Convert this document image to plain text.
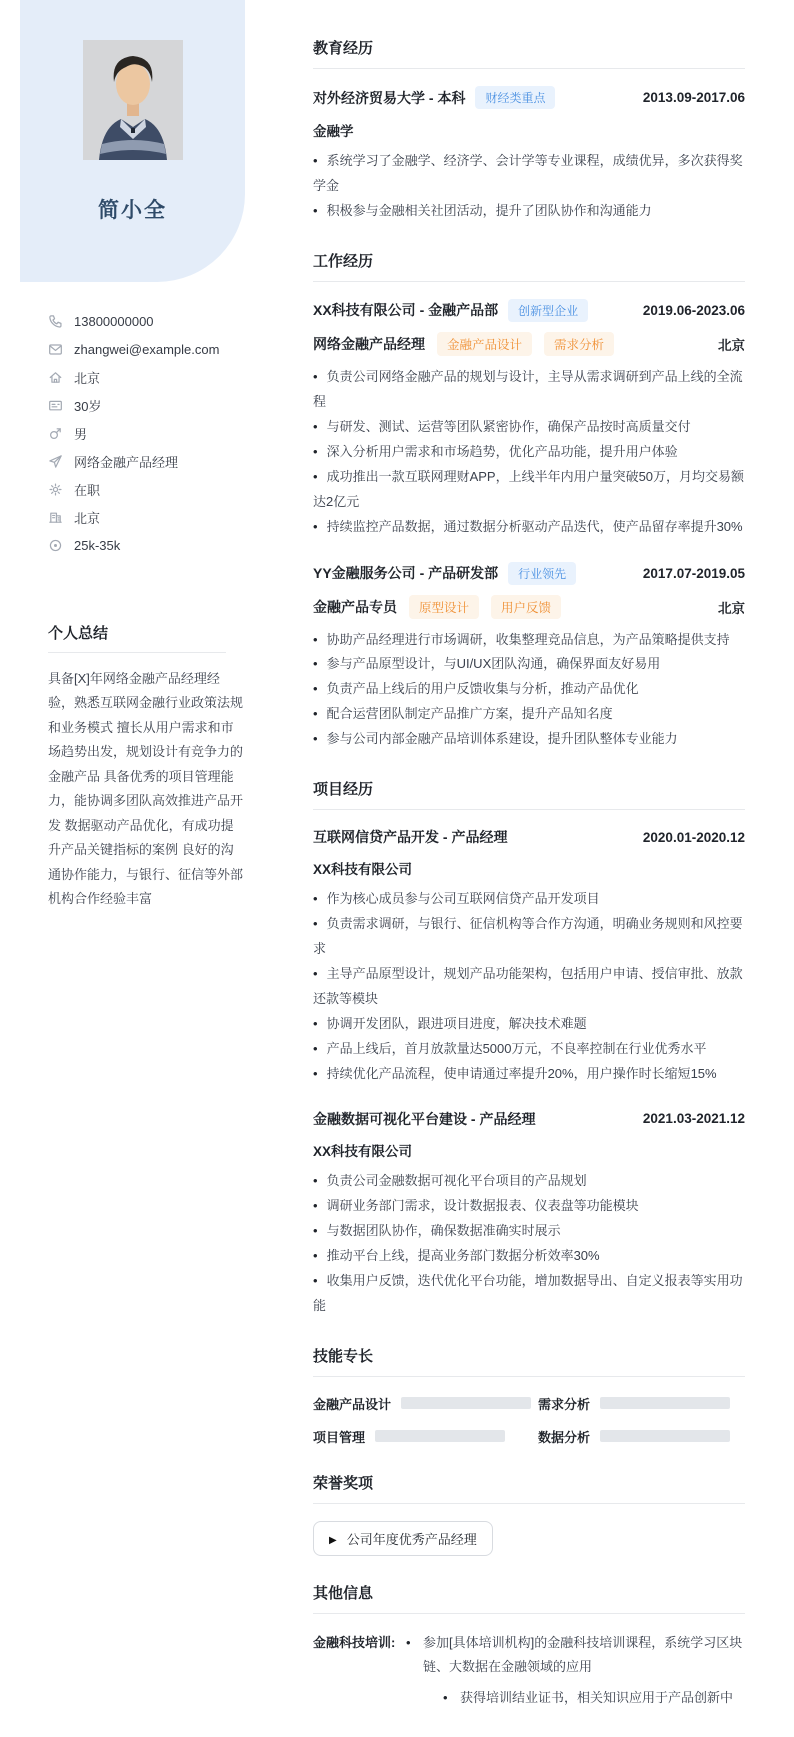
简小全
13800000000
zhangwei@example.com
北京
30岁
男
网络金融产品经理
在职
北京
25k-35k
个人总结

具备[X]年网络金融产品经理经验，熟悉互联网金融行业政策法规和业务模式 擅长从用户需求和市场趋势出发，规划设计有竞争力的金融产品 具备优秀的项目管理能力，能协调多团队高效推进产品开发 数据驱动产品优化，有成功提升产品关键指标的案例 良好的沟通协作能力，与银行、征信等外部机构合作经验丰富

教育经历
对外经济贸易大学 - 本科	财经类重点	2013.09-2017.06
金融学
• 系统学习了金融学、经济学、会计学等专业课程，成绩优异，多次获得奖学金
• 积极参与金融相关社团活动，提升了团队协作和沟通能力
工作经历
XX科技有限公司 - 金融产品部	创新型企业	2019.06-2023.06
网络金融产品经理	金融产品设计	需求分析	北京
• 负责公司网络金融产品的规划与设计，主导从需求调研到产品上线的全流程
• 与研发、测试、运营等团队紧密协作，确保产品按时高质量交付
• 深入分析用户需求和市场趋势，优化产品功能，提升用户体验
• 成功推出一款互联网理财APP，上线半年内用户量突破50万，月均交易额达2亿元
• 持续监控产品数据，通过数据分析驱动产品迭代，使产品留存率提升30%
YY金融服务公司 - 产品研发部	行业领先	2017.07-2019.05
金融产品专员	原型设计	用户反馈	北京
• 协助产品经理进行市场调研，收集整理竞品信息，为产品策略提供支持
• 参与产品原型设计，与UI/UX团队沟通，确保界面友好易用
• 负责产品上线后的用户反馈收集与分析，推动产品优化
• 配合运营团队制定产品推广方案，提升产品知名度
• 参与公司内部金融产品培训体系建设，提升团队整体专业能力
项目经历
互联网信贷产品开发 - 产品经理	2020.01-2020.12
XX科技有限公司
• 作为核心成员参与公司互联网信贷产品开发项目
• 负责需求调研，与银行、征信机构等合作方沟通，明确业务规则和风控要求
• 主导产品原型设计，规划产品功能架构，包括用户申请、授信审批、放款还款等模块
• 协调开发团队，跟进项目进度，解决技术难题
• 产品上线后，首月放款量达5000万元，不良率控制在行业优秀水平
• 持续优化产品流程，使申请通过率提升20%，用户操作时长缩短15%
金融数据可视化平台建设 - 产品经理	2021.03-2021.12
XX科技有限公司
• 负责公司金融数据可视化平台项目的产品规划
• 调研业务部门需求，设计数据报表、仪表盘等功能模块
• 与数据团队协作，确保数据准确实时展示
• 推动平台上线，提高业务部门数据分析效率30%
• 收集用户反馈，迭代优化平台功能，增加数据导出、自定义报表等实用功能
技能专长
金融产品设计	需求分析
项目管理	数据分析
荣誉奖项
▶
公司年度优秀产品经理
其他信息
金融科技培训:	• 参加[具体培训机构]的金融科技培训课程，系统学习区块链、大数据在金融领域的应用
• 获得培训结业证书，相关知识应用于产品创新中
